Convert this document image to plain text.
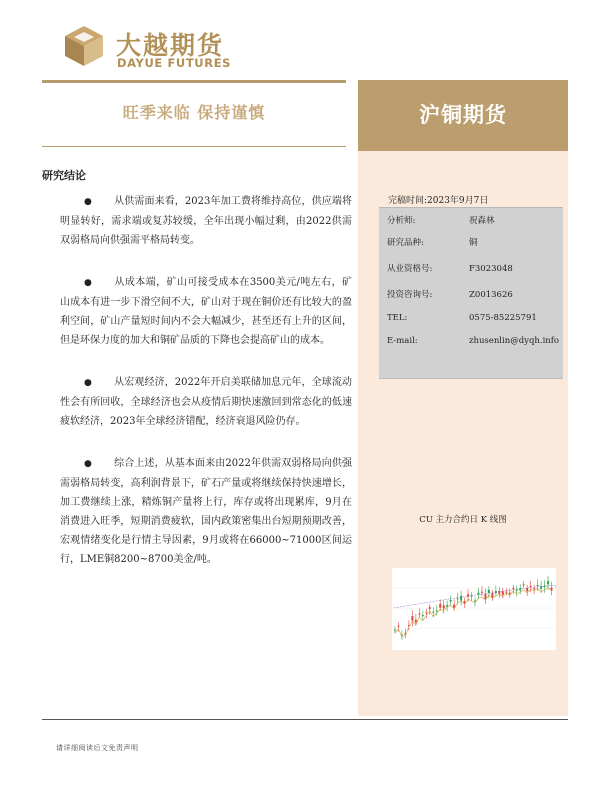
大越期货
DAYUE FUTURES
旺季来临 保持谨慎	沪铜期货
研究结论

●从供需面来看，2023年加工费将维持高位，供应端将明显转好，需求端或复苏较缓，全年出现小幅过剩，由2022供需双弱格局向供强需平格局转变。

●从成本端，矿山可接受成本在3500美元/吨左右，矿山成本有进一步下滑空间不大，矿山对于现在铜价还有比较大的盈利空间，矿山产量短时间内不会大幅减少，甚至还有上升的区间，但是环保力度的加大和铜矿品质的下降也会提高矿山的成本。

●从宏观经济，2022年开启美联储加息元年，全球流动性会有所回收，全球经济也会从疫情后期快速激回到常态化的低速疲软经济，2023年全球经济错配，经济衰退风险仍存。

●综合上述，从基本面来由2022年供需双弱格局向供强需弱格局转变，高利润背景下，矿石产量或将继续保持快速增长，加工费继续上涨，精炼铜产量将上行，库存或将出现累库，9月在消费进入旺季，短期消费疲软，国内政策密集出台短期预期改善，宏观情绪变化是行情主导因素，9月或将在66000~71000区间运行，LME铜8200~8700美金/吨。

完稿时间:2023年9月7日
分析师:	祝森林
研究品种:	铜
从业资格号:	F3023048
投资咨询号:	Z0013626
TEL:	0575-85225791
E-mail:	zhusenlin@dyqh.info
CU 主力合约日 K 线图
请详细阅读后文免责声明
